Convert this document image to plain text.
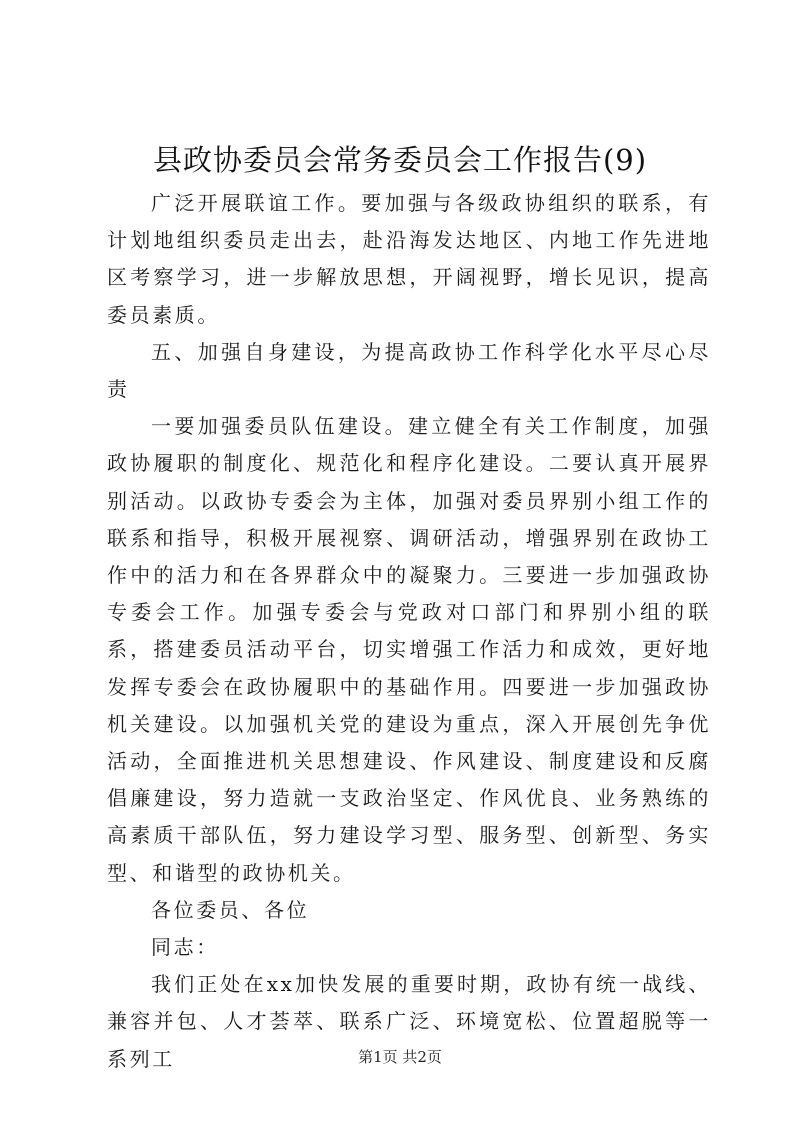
县政协委员会常务委员会工作报告(9)

广泛开展联谊工作。要加强与各级政协组织的联系，有计划地组织委员走出去，赴沿海发达地区、内地工作先进地区考察学习，进一步解放思想，开阔视野，增长见识，提高委员素质。

五、加强自身建设，为提高政协工作科学化水平尽心尽责

一要加强委员队伍建设。建立健全有关工作制度，加强政协履职的制度化、规范化和程序化建设。二要认真开展界别活动。以政协专委会为主体，加强对委员界别小组工作的联系和指导，积极开展视察、调研活动，增强界别在政协工作中的活力和在各界群众中的凝聚力。三要进一步加强政协专委会工作。加强专委会与党政对口部门和界别小组的联系，搭建委员活动平台，切实增强工作活力和成效，更好地发挥专委会在政协履职中的基础作用。四要进一步加强政协机关建设。以加强机关党的建设为重点，深入开展创先争优活动，全面推进机关思想建设、作风建设、制度建设和反腐倡廉建设，努力造就一支政治坚定、作风优良、业务熟练的高素质干部队伍，努力建设学习型、服务型、创新型、务实型、和谐型的政协机关。

各位委员、各位

同志：

我们正处在xx加快发展的重要时期，政协有统一战线、兼容并包、人才荟萃、联系广泛、环境宽松、位置超脱等一系列工	第1页 共2页
